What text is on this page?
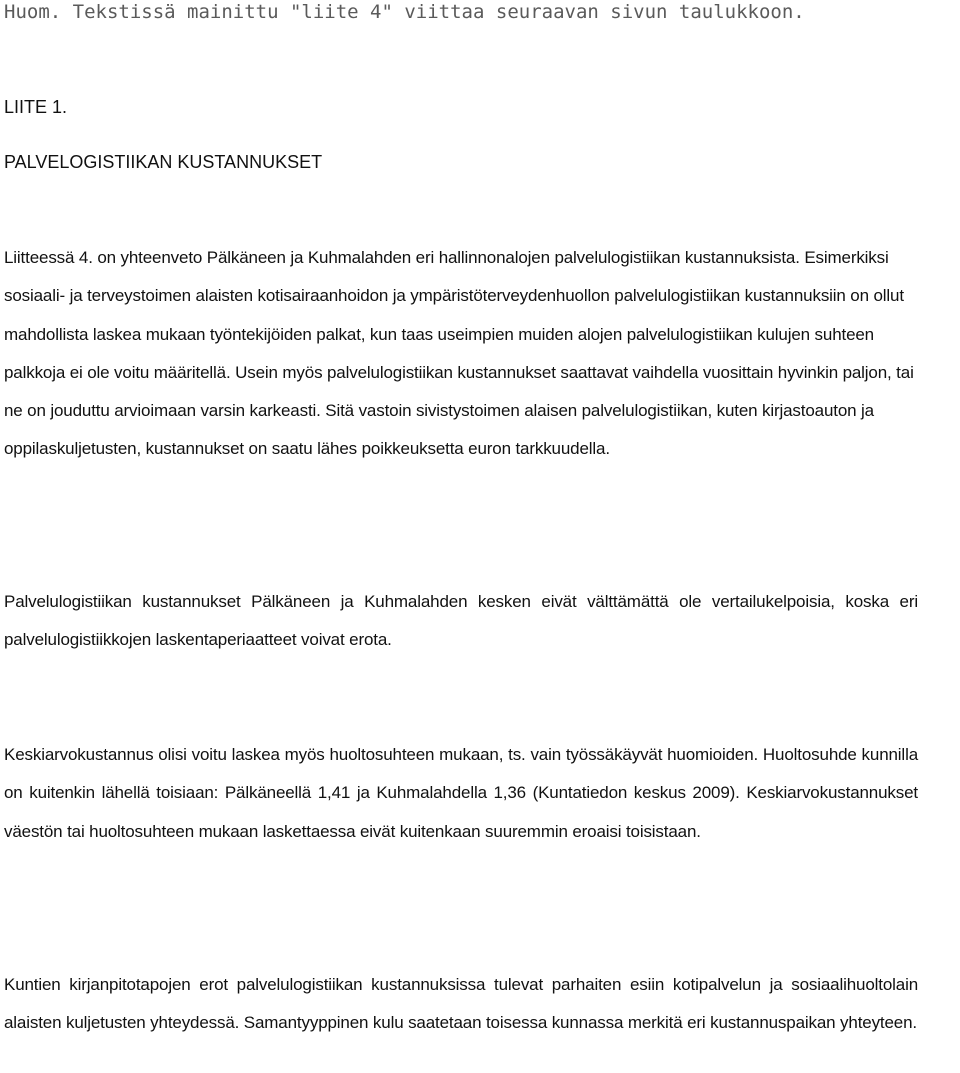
Huom. Tekstissä mainittu "liite 4" viittaa seuraavan sivun taulukkoon.
LIITE 1.
PALVELOGISTIIKAN KUSTANNUKSET

Liitteessä 4. on yhteenveto Pälkäneen ja Kuhmalahden eri hallinnonalojen palvelulogistiikan kustannuksista. Esimerkiksi sosiaali- ja terveystoimen alaisten kotisairaanhoidon ja ympäristöterveydenhuollon palvelulogistiikan kustannuksiin on ollut mahdollista laskea mukaan työntekijöiden palkat, kun taas useimpien muiden alojen palvelulogistiikan kulujen suhteen palkkoja ei ole voitu määritellä. Usein myös palvelulogistiikan kustannukset saattavat vaihdella vuosittain hyvinkin paljon, tai ne on jouduttu arvioimaan varsin karkeasti. Sitä vastoin sivistystoimen alaisen palvelulogistiikan, kuten kirjastoauton ja oppilaskuljetusten, kustannukset on saatu lähes poikkeuksetta euron tarkkuudella.

Palvelulogistiikan kustannukset Pälkäneen ja Kuhmalahden kesken eivät välttämättä ole vertailukelpoisia, koska eri palvelulogistiikkojen laskentaperiaatteet voivat erota.

Keskiarvokustannus olisi voitu laskea myös huoltosuhteen mukaan, ts. vain työssäkäyvät huomioiden. Huoltosuhde kunnilla on kuitenkin lähellä toisiaan: Pälkäneellä 1,41 ja Kuhmalahdella 1,36 (Kuntatiedon keskus 2009). Keskiarvokustannukset väestön tai huoltosuhteen mukaan laskettaessa eivät kuitenkaan suuremmin eroaisi toisistaan.

Kuntien kirjanpitotapojen erot palvelulogistiikan kustannuksissa tulevat parhaiten esiin kotipalvelun ja sosiaalihuoltolain alaisten kuljetusten yhteydessä. Samantyyppinen kulu saatetaan toisessa kunnassa merkitä eri kustannuspaikan yhteyteen.
